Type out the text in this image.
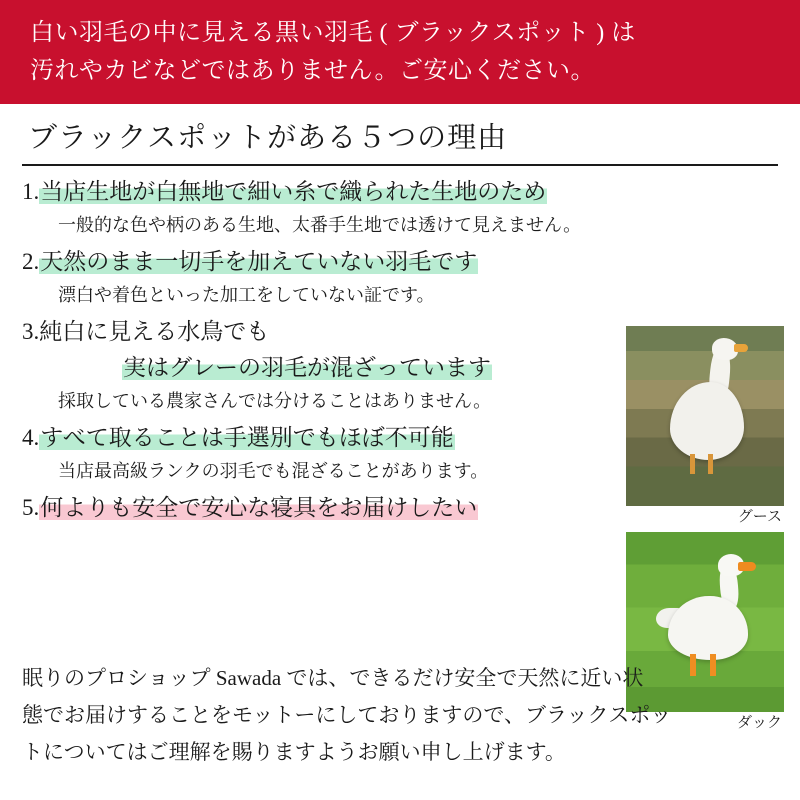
白い羽毛の中に見える黒い羽毛 ( ブラックスポット ) は
汚れやカビなどではありません。ご安心ください。
ブラックスポットがある５つの理由
グース
ダック
1.当店生地が白無地で細い糸で織られた生地のため
一般的な色や柄のある生地、太番手生地では透けて見えません。
2.天然のまま一切手を加えていない羽毛です
漂白や着色といった加工をしていない証です。
3.純白に見える水鳥でも
実はグレーの羽毛が混ざっています
採取している農家さんでは分けることはありません。
4.すべて取ることは手選別でもほぼ不可能
当店最高級ランクの羽毛でも混ざることがあります。
5.何よりも安全で安心な寝具をお届けしたい
眠りのプロショップ Sawada では、できるだけ安全で天然に近い状
態でお届けすることをモットーにしておりますので、ブラックスポッ
トについてはご理解を賜りますようお願い申し上げます。
